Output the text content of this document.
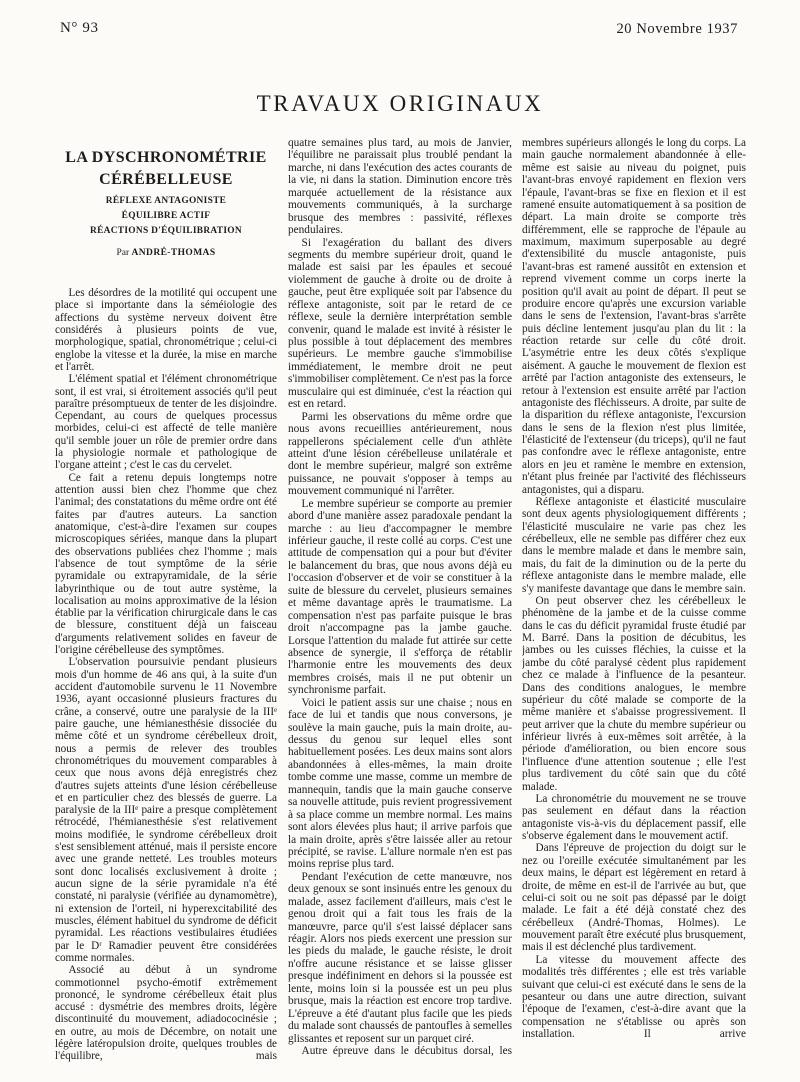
N° 93	20 Novembre 1937
TRAVAUX ORIGINAUX
LA DYSCHRONOMÉTRIE
CÉRÉBELLEUSE
RÉFLEXE ANTAGONISTE
ÉQUILIBRE ACTIF
RÉACTIONS D'ÉQUILIBRATION
Par ANDRÉ-THOMAS

Les désordres de la motilité qui occupent une place si importante dans la séméiologie des affections du système nerveux doivent être considérés à plusieurs points de vue, morphologique, spatial, chronométrique ; celui-ci englobe la vitesse et la durée, la mise en marche et l'arrêt.

L'élément spatial et l'élément chronométrique sont, il est vrai, si étroitement associés qu'il peut paraître présomptueux de tenter de les disjoindre. Cependant, au cours de quelques processus morbides, celui-ci est affecté de telle manière qu'il semble jouer un rôle de premier ordre dans la physiologie normale et pathologique de l'organe atteint ; c'est le cas du cervelet.

Ce fait a retenu depuis longtemps notre attention aussi bien chez l'homme que chez l'animal; des constatations du même ordre ont été faites par d'autres auteurs. La sanction anatomique, c'est-à-dire l'examen sur coupes microscopiques sériées, manque dans la plupart des observations publiées chez l'homme ; mais l'absence de tout symptôme de la série pyramidale ou extrapyramidale, de la série labyrinthique ou de tout autre système, la localisation au moins approximative de la lésion établie par la vérification chirurgicale dans le cas de blessure, constituent déjà un faisceau d'arguments relativement solides en faveur de l'origine cérébelleuse des symptômes.

L'observation poursuivie pendant plusieurs mois d'un homme de 46 ans qui, à la suite d'un accident d'automobile survenu le 11 Novembre 1936, ayant occasionné plusieurs fractures du crâne, a conservé, outre une paralysie de la IIIᵉ paire gauche, une hémianesthésie dissociée du même côté et un syndrome cérébelleux droit, nous a permis de relever des troubles chronométriques du mouvement comparables à ceux que nous avons déjà enregistrés chez d'autres sujets atteints d'une lésion cérébelleuse et en particulier chez des blessés de guerre. La paralysie de la IIIᵉ paire a presque complètement rétrocédé, l'hémianesthésie s'est relativement moins modifiée, le syndrome cérébelleux droit s'est sensiblement atténué, mais il persiste encore avec une grande netteté. Les troubles moteurs sont donc localisés exclusivement à droite ; aucun signe de la série pyramidale n'a été constaté, ni paralysie (vérifiée au dynamomètre), ni extension de l'orteil, ni hyperexcitabilité des muscles, élément habituel du syndrome de déficit pyramidal. Les réactions vestibulaires étudiées par le Dʳ Ramadier peuvent être considérées comme normales.

Associé au début à un syndrome commotionnel psycho-émotif extrêmement prononcé, le syndrome cérébelleux était plus accusé : dysmétrie des membres droits, légère discontinuité du mouvement, adiadococinésie ; en outre, au mois de Décembre, on notait une légère latéropulsion droite, quelques troubles de l'équilibre, mais

quatre semaines plus tard, au mois de Janvier, l'équilibre ne paraissait plus troublé pendant la marche, ni dans l'exécution des actes courants de la vie, ni dans la station. Diminution encore très marquée actuellement de la résistance aux mouvements communiqués, à la surcharge brusque des membres : passivité, réflexes pendulaires.

Si l'exagération du ballant des divers segments du membre supérieur droit, quand le malade est saisi par les épaules et secoué violemment de gauche à droite ou de droite à gauche, peut être expliquée soit par l'absence du réflexe antagoniste, soit par le retard de ce réflexe, seule la dernière interprétation semble convenir, quand le malade est invité à résister le plus possible à tout déplacement des membres supérieurs. Le membre gauche s'immobilise immédiatement, le membre droit ne peut s'immobiliser complètement. Ce n'est pas la force musculaire qui est diminuée, c'est la réaction qui est en retard.

Parmi les observations du même ordre que nous avons recueillies antérieurement, nous rappellerons spécialement celle d'un athlète atteint d'une lésion cérébelleuse unilatérale et dont le membre supérieur, malgré son extrême puissance, ne pouvait s'opposer à temps au mouvement communiqué ni l'arrêter.

Le membre supérieur se comporte au premier abord d'une manière assez paradoxale pendant la marche : au lieu d'accompagner le membre inférieur gauche, il reste collé au corps. C'est une attitude de compensation qui a pour but d'éviter le balancement du bras, que nous avons déjà eu l'occasion d'observer et de voir se constituer à la suite de blessure du cervelet, plusieurs semaines et même davantage après le traumatisme. La compensation n'est pas parfaite puisque le bras droit n'accompagne pas la jambe gauche. Lorsque l'attention du malade fut attirée sur cette absence de synergie, il s'efforça de rétablir l'harmonie entre les mouvements des deux membres croisés, mais il ne put obtenir un synchronisme parfait.

Voici le patient assis sur une chaise ; nous en face de lui et tandis que nous conversons, je soulève la main gauche, puis la main droite, au-dessus du genou sur lequel elles sont habituellement posées. Les deux mains sont alors abandonnées à elles-mêmes, la main droite tombe comme une masse, comme un membre de mannequin, tandis que la main gauche conserve sa nouvelle attitude, puis revient progressivement à sa place comme un membre normal. Les mains sont alors élevées plus haut; il arrive parfois que la main droite, après s'être laissée aller au retour précipité, se ravise. L'allure normale n'en est pas moins reprise plus tard.

Pendant l'exécution de cette manœuvre, nos deux genoux se sont insinués entre les genoux du malade, assez facilement d'ailleurs, mais c'est le genou droit qui a fait tous les frais de la manœuvre, parce qu'il s'est laissé déplacer sans réagir. Alors nos pieds exercent une pression sur les pieds du malade, le gauche résiste, le droit n'offre aucune résistance et se laisse glisser presque indéfiniment en dehors si la poussée est lente, moins loin si la poussée est un peu plus brusque, mais la réaction est encore trop tardive. L'épreuve a été d'autant plus facile que les pieds du malade sont chaussés de pantoufles à semelles glissantes et reposent sur un parquet ciré.

Autre épreuve dans le décubitus dorsal, les

membres supérieurs allongés le long du corps. La main gauche normalement abandonnée à elle-même est saisie au niveau du poignet, puis l'avant-bras envoyé rapidement en flexion vers l'épaule, l'avant-bras se fixe en flexion et il est ramené ensuite automatiquement à sa position de départ. La main droite se comporte très différemment, elle se rapproche de l'épaule au maximum, maximum superposable au degré d'extensibilité du muscle antagoniste, puis l'avant-bras est ramené aussitôt en extension et reprend vivement comme un corps inerte la position qu'il avait au point de départ. Il peut se produire encore qu'après une excursion variable dans le sens de l'extension, l'avant-bras s'arrête puis décline lentement jusqu'au plan du lit : la réaction retarde sur celle du côté droit. L'asymétrie entre les deux côtés s'explique aisément. A gauche le mouvement de flexion est arrêté par l'action antagoniste des extenseurs, le retour à l'extension est ensuite arrêté par l'action antagoniste des fléchisseurs. A droite, par suite de la disparition du réflexe antagoniste, l'excursion dans le sens de la flexion n'est plus limitée, l'élasticité de l'extenseur (du triceps), qu'il ne faut pas confondre avec le réflexe antagoniste, entre alors en jeu et ramène le membre en extension, n'étant plus freinée par l'activité des fléchisseurs antagonistes, qui a disparu.

Réflexe antagoniste et élasticité musculaire sont deux agents physiologiquement différents ; l'élasticité musculaire ne varie pas chez les cérébelleux, elle ne semble pas différer chez eux dans le membre malade et dans le membre sain, mais, du fait de la diminution ou de la perte du réflexe antagoniste dans le membre malade, elle s'y manifeste davantage que dans le membre sain.

On peut observer chez les cérébelleux le phénomène de la jambe et de la cuisse comme dans le cas du déficit pyramidal fruste étudié par M. Barré. Dans la position de décubitus, les jambes ou les cuisses fléchies, la cuisse et la jambe du côté paralysé cèdent plus rapidement chez ce malade à l'influence de la pesanteur. Dans des conditions analogues, le membre supérieur du côté malade se comporte de la même manière et s'abaisse progressivement. Il peut arriver que la chute du membre supérieur ou inférieur livrés à eux-mêmes soit arrêtée, à la période d'amélioration, ou bien encore sous l'influence d'une attention soutenue ; elle l'est plus tardivement du côté sain que du côté malade.

La chronométrie du mouvement ne se trouve pas seulement en défaut dans la réaction antagoniste vis-à-vis du déplacement passif, elle s'observe également dans le mouvement actif.

Dans l'épreuve de projection du doigt sur le nez ou l'oreille exécutée simultanément par les deux mains, le départ est légèrement en retard à droite, de même en est-il de l'arrivée au but, que celui-ci soit ou ne soit pas dépassé par le doigt malade. Le fait a été déjà constaté chez des cérébelleux (André-Thomas, Holmes). Le mouvement paraît être exécuté plus brusquement, mais il est déclenché plus tardivement.

La vitesse du mouvement affecte des modalités très différentes ; elle est très variable suivant que celui-ci est exécuté dans le sens de la pesanteur ou dans une autre direction, suivant l'époque de l'examen, c'est-à-dire avant que la compensation ne s'établisse ou après son installation. Il arrive
